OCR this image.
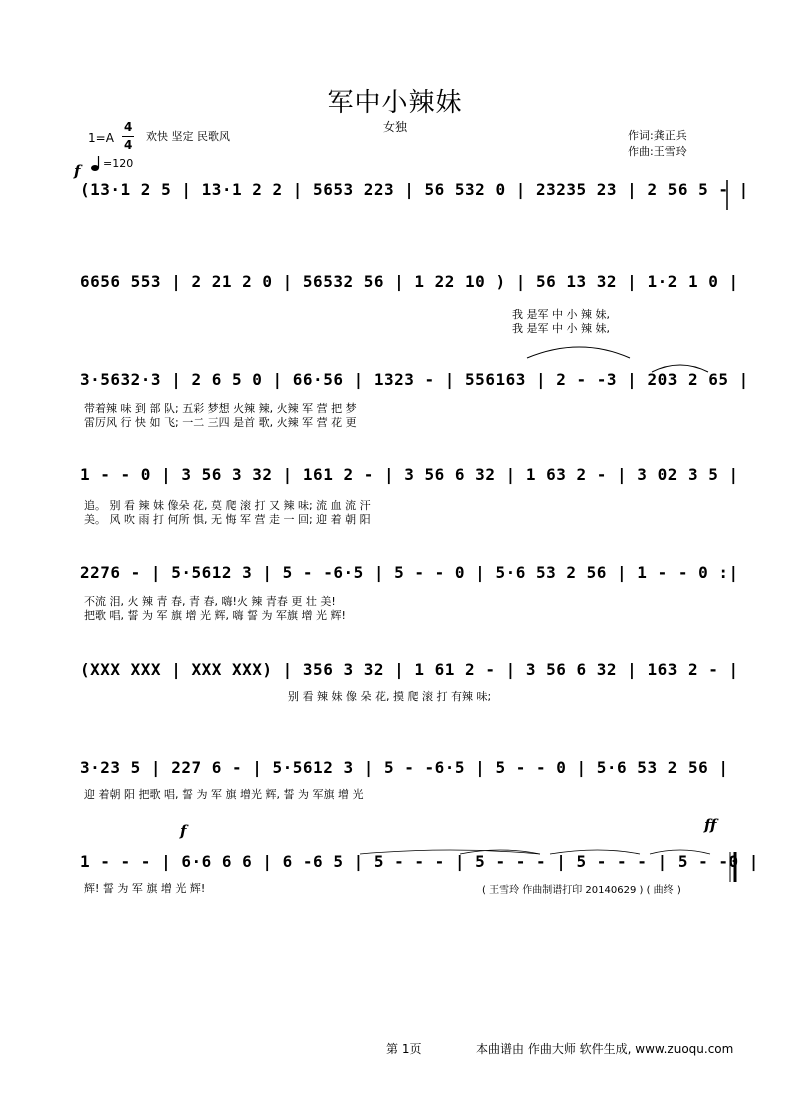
军中小辣妹
女独
作词:龚正兵
作曲:王雪玲
1=A
4
4
欢快 坚定 民歌风
=120
f
(13·1 2 5 | 13·1 2 2 | 5653 223 | 56 532 0 | 23235 23 | 2 56 5 - |
6656 553 | 2 21 2 0 | 56532 56 | 1 22 10 ) | 56 13 32 | 1·2 1 0 |
我 是军 中 小 辣 妹,
我 是军 中 小 辣 妹,
3·5632·3 | 2 6 5 0 | 66·56 | 1323 - | 556163 | 2 - -3 | 203 2 65 |
带着辣 味 到 部 队; 五彩 梦想 火辣 辣, 火辣 军 营 把 梦
雷厉风 行 快 如 飞; 一二 三四 是首 歌, 火辣 军 营 花 更
1 - - 0 | 3 56 3 32 | 161 2 - | 3 56 6 32 | 1 63 2 - | 3 02 3 5 |
追。 别 看 辣 妹 像朵 花, 莫 爬 滚 打 又 辣 味; 流 血 流 汗
美。 风 吹 雨 打 何所 惧, 无 悔 军 营 走 一 回; 迎 着 朝 阳
2276 - | 5·5612 3 | 5 - -6·5 | 5 - - 0 | 5·6 53 2 56 | 1 - - 0 :|
不流 泪, 火 辣 青 春, 青 春, 嗨!火 辣 青春 更 壮 美!
把歌 唱, 誓 为 军 旗 增 光 辉, 嗨 誓 为 军旗 增 光 辉!
(XXX XXX | XXX XXX) | 356 3 32 | 1 61 2 - | 3 56 6 32 | 163 2 - |
别 看 辣 妹 像 朵 花, 摸 爬 滚 打 有辣 味;
3·23 5 | 227 6 - | 5·5612 3 | 5 - -6·5 | 5 - - 0 | 5·6 53 2 56 |
迎 着朝 阳 把歌 唱, 誓 为 军 旗 增光 辉, 誓 为 军旗 增 光
f	ff
1 - - - | 6·6 6 6 | 6 -6 5 | 5 - - - | 5 - - - | 5 - - - | 5 - -0 |
辉! 誓 为 军 旗 增 光 辉!	( 王雪玲 作曲制谱打印 20140629 ) ( 曲终 )
第 1页	本曲谱由 作曲大师 软件生成, www.zuoqu.com
